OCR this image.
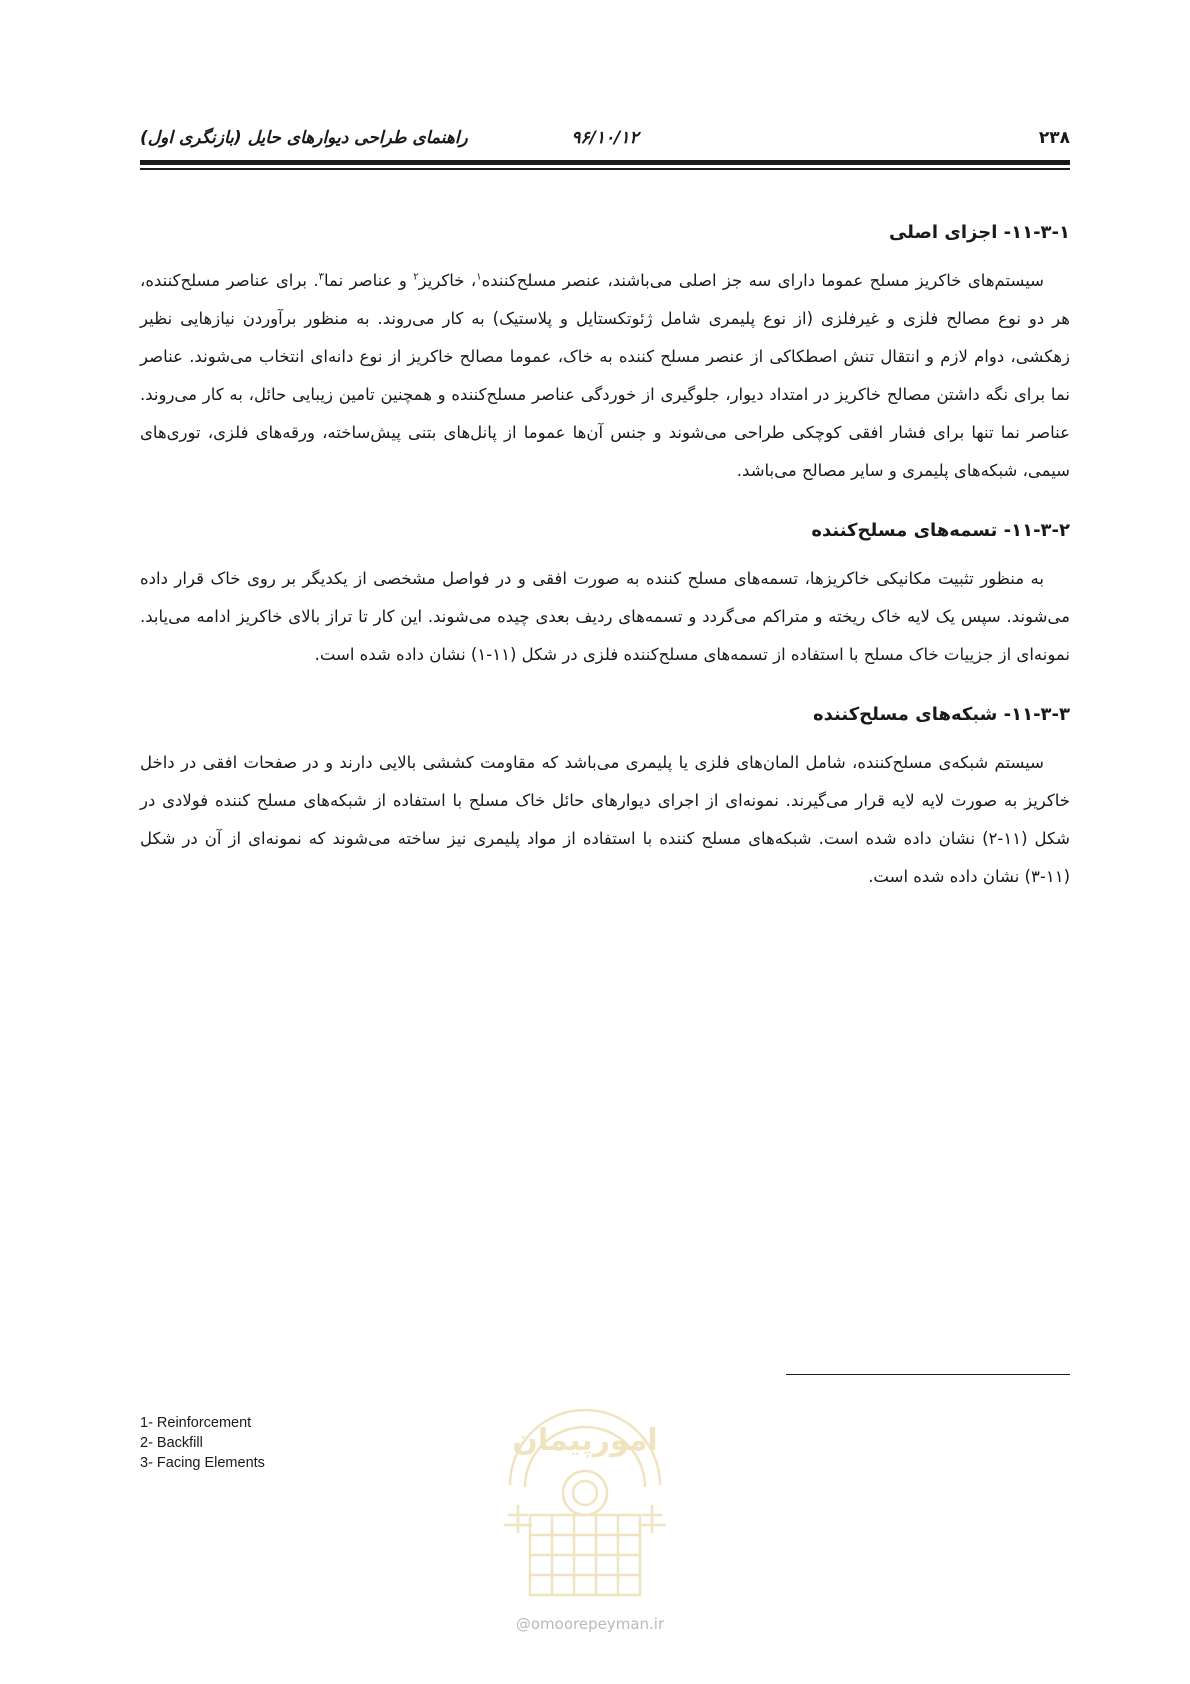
۲۳۸
۹۶/۱۰/۱۲
راهنمای طراحی دیوارهای حایل (بازنگری اول)
۱۱-۳-۱- اجزای اصلی

سیستم‌های خاکریز مسلح عموما دارای سه جز اصلی می‌باشند، عنصر مسلح‌کننده$^۱$، خاکریز$^۲$ و عناصر نما$^۳$. برای عناصر مسلح‌کننده، هر دو نوع مصالح فلزی و غیرفلزی (از نوع پلیمری شامل ژئوتکستایل و پلاستیک) به کار می‌روند. به منظور برآوردن نیازهایی نظیر زهکشی، دوام لازم و انتقال تنش اصطکاکی از عنصر مسلح کننده به خاک، عموما مصالح خاکریز از نوع دانه‌ای انتخاب می‌شوند. عناصر نما برای نگه داشتن مصالح خاکریز در امتداد دیوار، جلوگیری از خوردگی عناصر مسلح‌کننده و همچنین تامین زیبایی حائل، به کار می‌روند. عناصر نما تنها برای فشار افقی کوچکی طراحی می‌شوند و جنس آن‌ها عموما از پانل‌های بتنی پیش‌ساخته، ورقه‌های فلزی، توری‌های سیمی، شبکه‌های پلیمری و سایر مصالح می‌باشد.

۱۱-۳-۲- تسمه‌های مسلح‌کننده

به منظور تثبیت مکانیکی خاکریزها، تسمه‌های مسلح کننده به صورت افقی و در فواصل مشخصی از یکدیگر بر روی خاک قرار داده می‌شوند. سپس یک لایه خاک ریخته و متراکم می‌گردد و تسمه‌های ردیف بعدی چیده می‌شوند. این کار تا تراز بالای خاکریز ادامه می‌یابد. نمونه‌ای از جزییات خاک مسلح با استفاده از تسمه‌های مسلح‌کننده فلزی در شکل (۱۱-۱) نشان داده شده است.

۱۱-۳-۳- شبکه‌های مسلح‌کننده

سیستم شبکه‌ی مسلح‌کننده، شامل المان‌های فلزی یا پلیمری می‌باشد که مقاومت کششی بالایی دارند و در صفحات افقی در داخل خاکریز به صورت لایه لایه قرار می‌گیرند. نمونه‌ای از اجرای دیوارهای حائل خاک مسلح با استفاده از شبکه‌های مسلح کننده فولادی در شکل (۱۱-۲) نشان داده شده است. شبکه‌های مسلح کننده با استفاده از مواد پلیمری نیز ساخته می‌شوند که نمونه‌ای از آن در شکل (۱۱-۳) نشان داده شده است.

1- Reinforcement
2- Backfill
3- Facing Elements
امورپیمان
@omoorepeyman.ir
